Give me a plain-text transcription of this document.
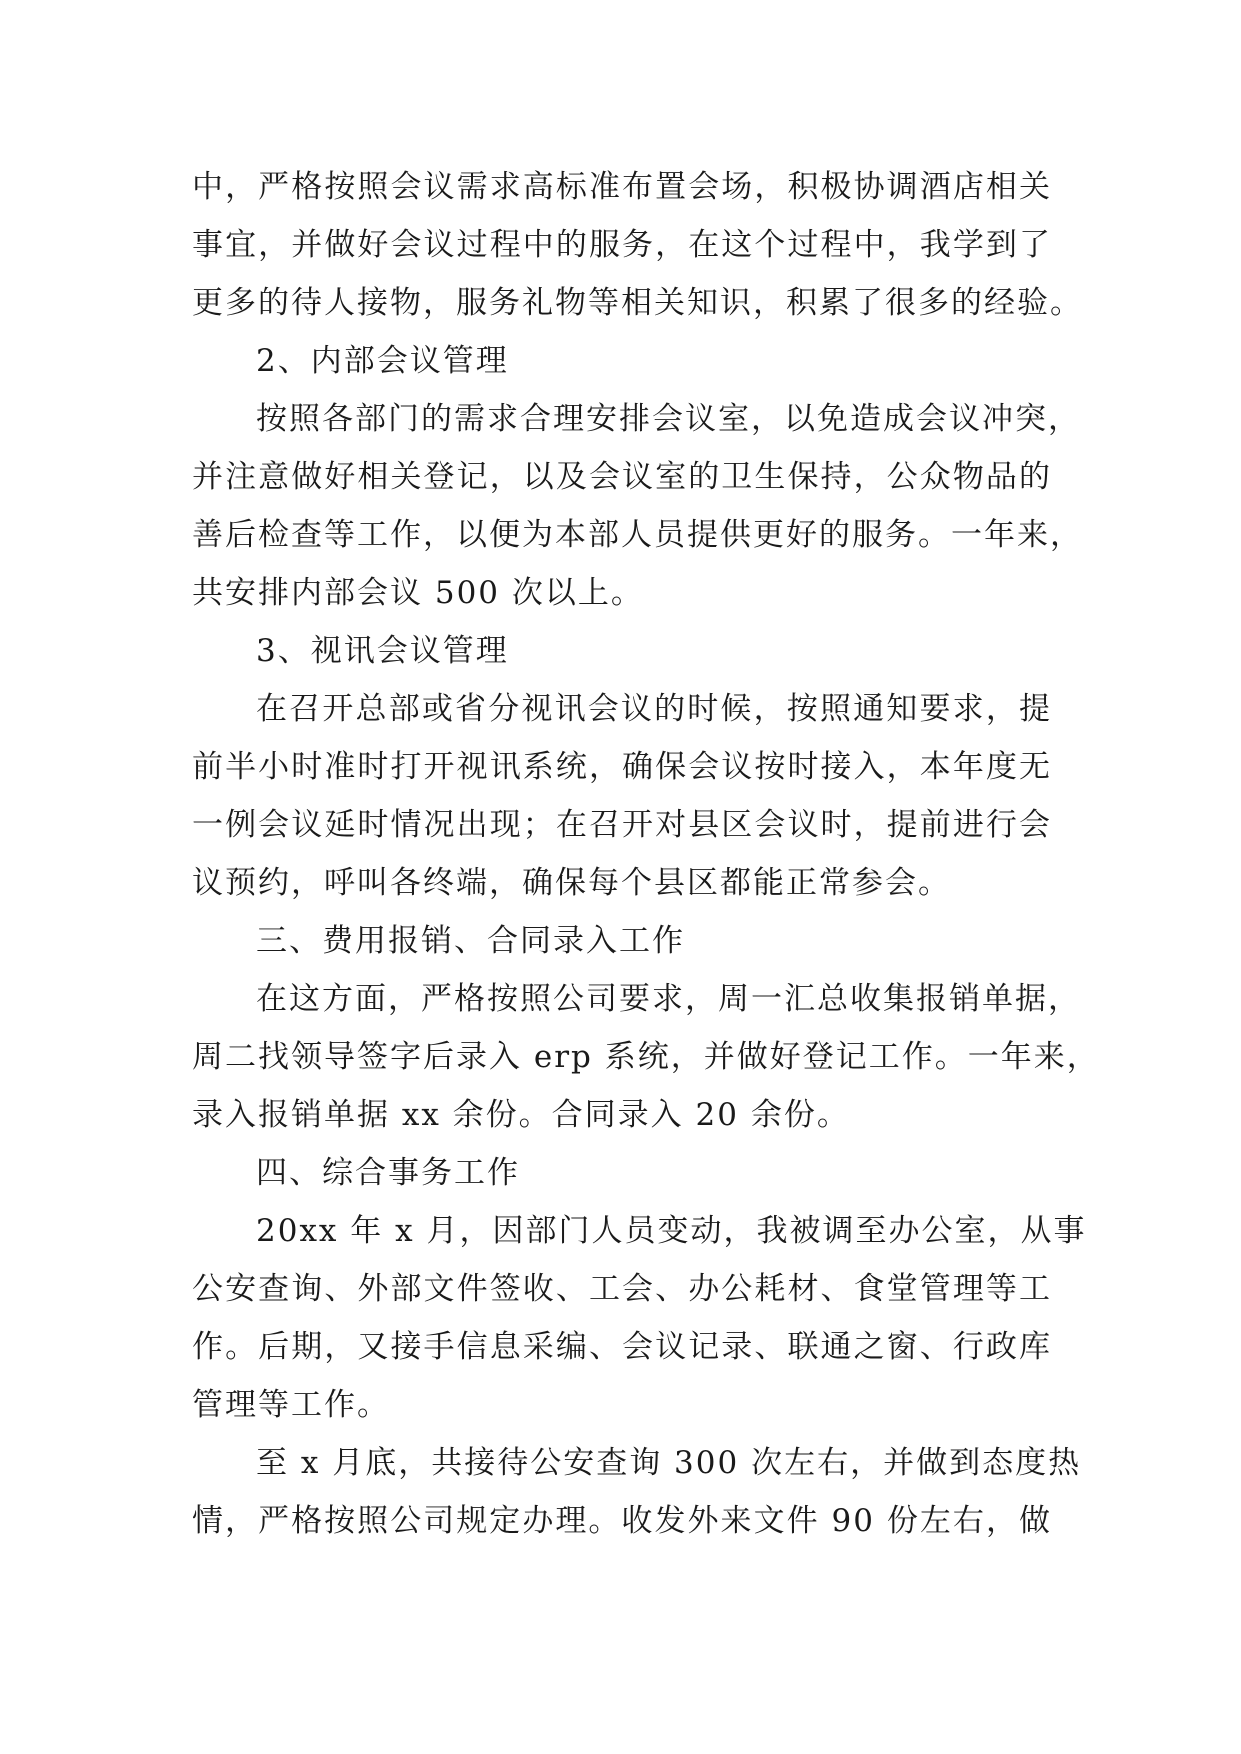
中，严格按照会议需求高标准布置会场，积极协调酒店相关
事宜，并做好会议过程中的服务，在这个过程中，我学到了
更多的待人接物，服务礼物等相关知识，积累了很多的经验。
2、内部会议管理
按照各部门的需求合理安排会议室，以免造成会议冲突，
并注意做好相关登记，以及会议室的卫生保持，公众物品的
善后检查等工作，以便为本部人员提供更好的服务。一年来，
共安排内部会议 500 次以上。
3、视讯会议管理
在召开总部或省分视讯会议的时候，按照通知要求，提
前半小时准时打开视讯系统，确保会议按时接入，本年度无
一例会议延时情况出现；在召开对县区会议时，提前进行会
议预约，呼叫各终端，确保每个县区都能正常参会。
三、费用报销、合同录入工作
在这方面，严格按照公司要求，周一汇总收集报销单据，
周二找领导签字后录入 erp 系统，并做好登记工作。一年来，
录入报销单据 xx 余份。合同录入 20 余份。
四、综合事务工作
20xx 年 x 月，因部门人员变动，我被调至办公室，从事
公安查询、外部文件签收、工会、办公耗材、食堂管理等工
作。后期，又接手信息采编、会议记录、联通之窗、行政库
管理等工作。
至 x 月底，共接待公安查询 300 次左右，并做到态度热
情，严格按照公司规定办理。收发外来文件 90 份左右，做
